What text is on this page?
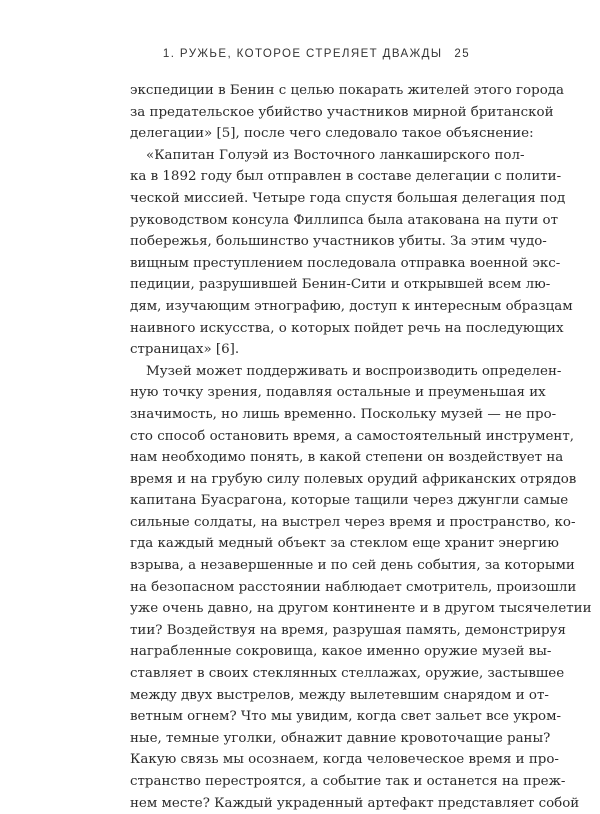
1. РУЖЬЕ, КОТОРОЕ СТРЕЛЯЕТ ДВАЖДЫ 25
экспедиции в Бенин с целью покарать жителей этого города
за предательское убийство участников мирной британской
делегации» [5], после чего следовало такое объяснение:
«Капитан Голуэй из Восточного ланкаширского пол-
ка в 1892 году был отправлен в составе делегации с полити-
ческой миссией. Четыре года спустя большая делегация под
руководством консула Филлипса была атакована на пути от
побережья, большинство участников убиты. За этим чудо-
вищным преступлением последовала отправка военной экс-
педиции, разрушившей Бенин-Сити и открывшей всем лю-
дям, изучающим этнографию, доступ к интересным образцам
наивного искусства, о которых пойдет речь на последующих
страницах» [6].
Музей может поддерживать и воспроизводить определен-
ную точку зрения, подавляя остальные и преуменьшая их
значимость, но лишь временно. Поскольку музей — не про-
сто способ остановить время, а самостоятельный инструмент,
нам необходимо понять, в какой степени он воздействует на
время и на грубую силу полевых орудий африканских отрядов
капитана Буасрагона, которые тащили через джунгли самые
сильные солдаты, на выстрел через время и пространство, ко-
гда каждый медный объект за стеклом еще хранит энергию
взрыва, а незавершенные и по сей день события, за которыми
на безопасном расстоянии наблюдает смотритель, произошли
уже очень давно, на другом континенте и в другом тысячелетии
тии? Воздействуя на время, разрушая память, демонстрируя
награбленные сокровища, какое именно оружие музей вы-
ставляет в своих стеклянных стеллажах, оружие, застывшее
между двух выстрелов, между вылетевшим снарядом и от-
ветным огнем? Что мы увидим, когда свет зальет все укром-
ные, темные уголки, обнажит давние кровоточащие раны?
Какую связь мы осознаем, когда человеческое время и про-
странство перестроятся, а событие так и останется на преж-
нем месте? Каждый украденный артефакт представляет собой
